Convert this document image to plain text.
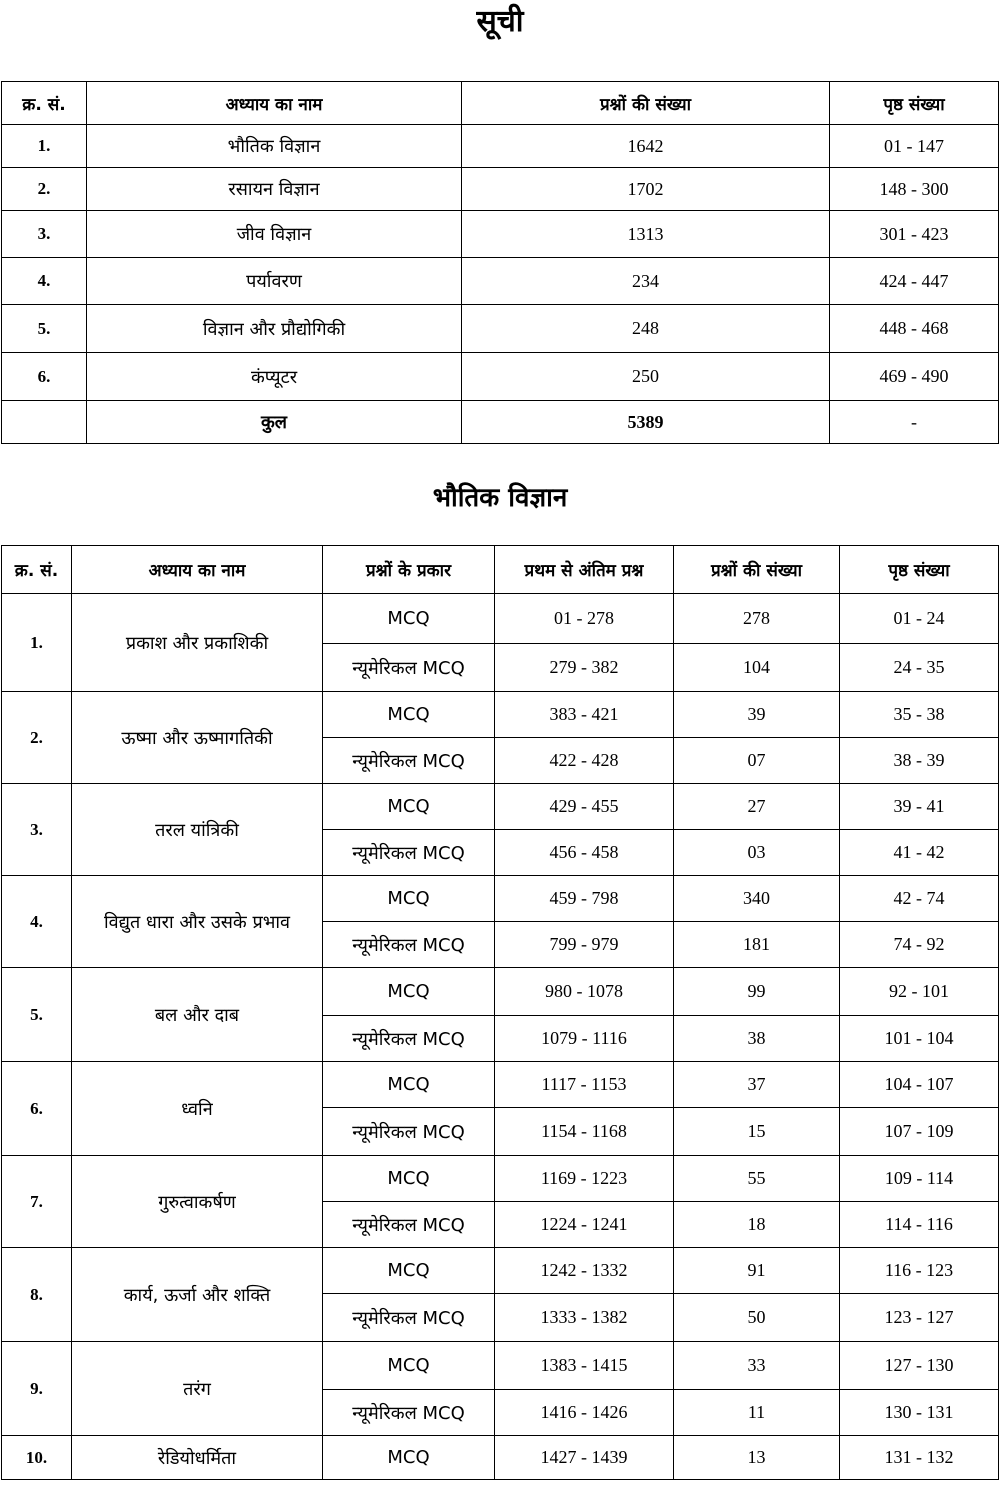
सूची
क्र. सं.	अध्याय का नाम	प्रश्नों की संख्या	पृष्ठ संख्या
1.	भौतिक विज्ञान	1642	01 - 147
2.	रसायन विज्ञान	1702	148 - 300
3.	जीव विज्ञान	1313	301 - 423
4.	पर्यावरण	234	424 - 447
5.	विज्ञान और प्रौद्योगिकी	248	448 - 468
6.	कंप्यूटर	250	469 - 490
	कुल	5389	-
भौतिक विज्ञान
क्र. सं.	अध्याय का नाम	प्रश्नों के प्रकार	प्रथम से अंतिम प्रश्न	प्रश्नों की संख्या	पृष्ठ संख्या
1.	प्रकाश और प्रकाशिकी	MCQ	01 - 278	278	01 - 24
		न्यूमेरिकल MCQ	279 - 382	104	24 - 35
2.	ऊष्मा और ऊष्मागतिकी	MCQ	383 - 421	39	35 - 38
		न्यूमेरिकल MCQ	422 - 428	07	38 - 39
3.	तरल यांत्रिकी	MCQ	429 - 455	27	39 - 41
		न्यूमेरिकल MCQ	456 - 458	03	41 - 42
4.	विद्युत धारा और उसके प्रभाव	MCQ	459 - 798	340	42 - 74
		न्यूमेरिकल MCQ	799 - 979	181	74 - 92
5.	बल और दाब	MCQ	980 - 1078	99	92 - 101
		न्यूमेरिकल MCQ	1079 - 1116	38	101 - 104
6.	ध्वनि	MCQ	1117 - 1153	37	104 - 107
		न्यूमेरिकल MCQ	1154 - 1168	15	107 - 109
7.	गुरुत्वाकर्षण	MCQ	1169 - 1223	55	109 - 114
		न्यूमेरिकल MCQ	1224 - 1241	18	114 - 116
8.	कार्य, ऊर्जा और शक्ति	MCQ	1242 - 1332	91	116 - 123
		न्यूमेरिकल MCQ	1333 - 1382	50	123 - 127
9.	तरंग	MCQ	1383 - 1415	33	127 - 130
		न्यूमेरिकल MCQ	1416 - 1426	11	130 - 131
10.	रेडियोधर्मिता	MCQ	1427 - 1439	13	131 - 132
